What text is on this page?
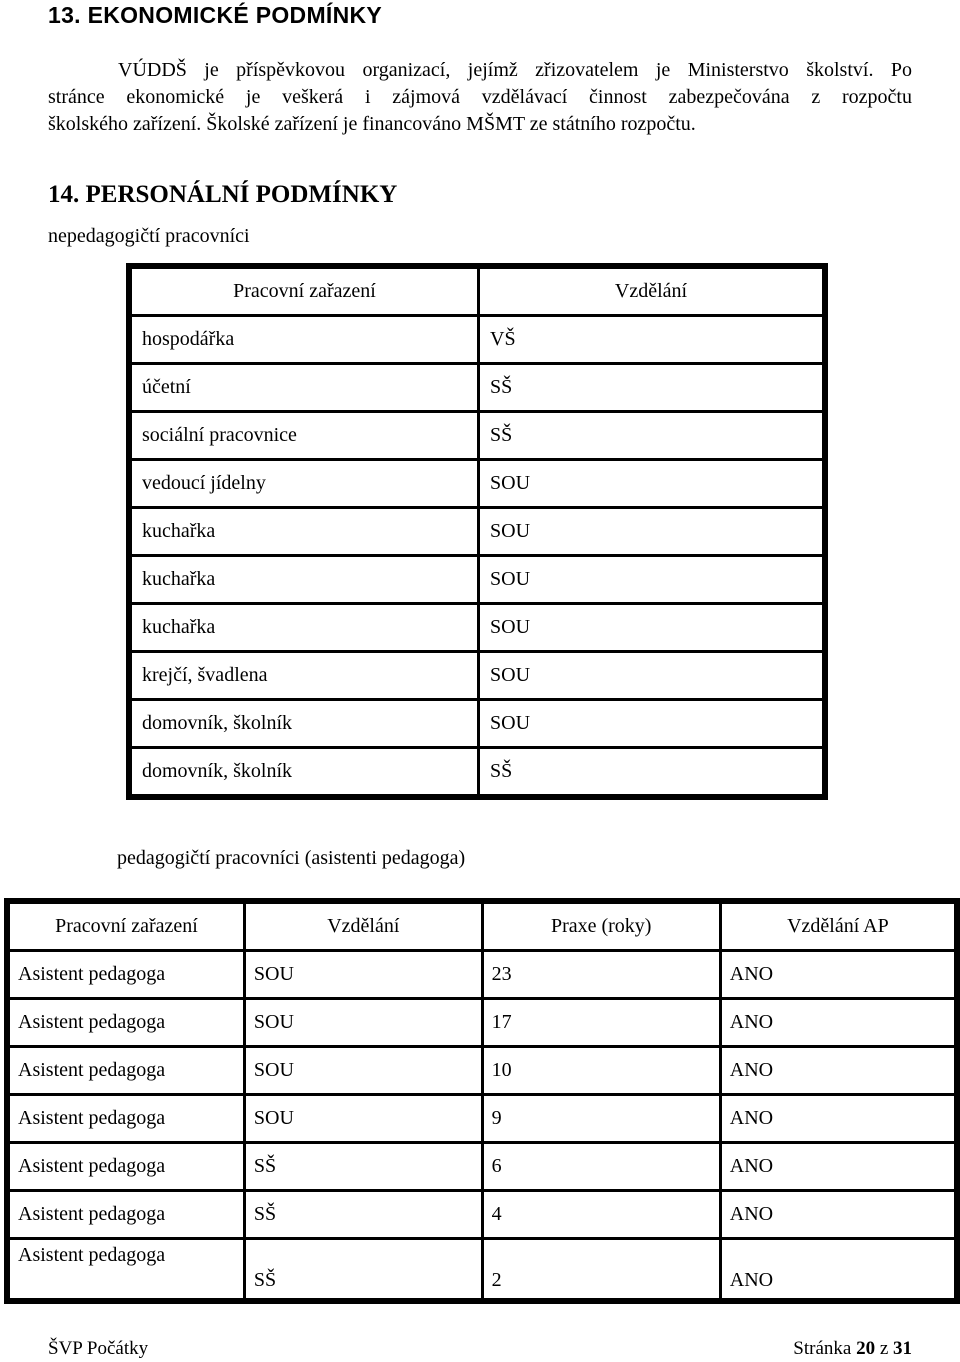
13. EKONOMICKÉ PODMÍNKY
VÚDDŠ je příspěvkovou organizací, jejímž zřizovatelem je Ministerstvo školství. Po
stránce ekonomické je veškerá i zájmová vzdělávací činnost zabezpečována z rozpočtu
školského zařízení. Školské zařízení je financováno MŠMT ze státního rozpočtu.
14. PERSONÁLNÍ PODMÍNKY
nepedagogičtí pracovníci
Pracovní zařazení	Vzdělání
hospodářka	VŠ
účetní	SŠ
sociální pracovnice	SŠ
vedoucí jídelny	SOU
kuchařka	SOU
kuchařka	SOU
kuchařka	SOU
krejčí, švadlena	SOU
domovník, školník	SOU
domovník, školník	SŠ
pedagogičtí pracovníci (asistenti pedagoga)
Pracovní zařazení	Vzdělání	Praxe (roky)	Vzdělání AP
Asistent pedagoga	SOU	23	ANO
Asistent pedagoga	SOU	17	ANO
Asistent pedagoga	SOU	10	ANO
Asistent pedagoga	SOU	9	ANO
Asistent pedagoga	SŠ	6	ANO
Asistent pedagoga	SŠ	4	ANO
Asistent pedagoga	SŠ	2	ANO
ŠVP Počátky	Stránka 20 z 31
